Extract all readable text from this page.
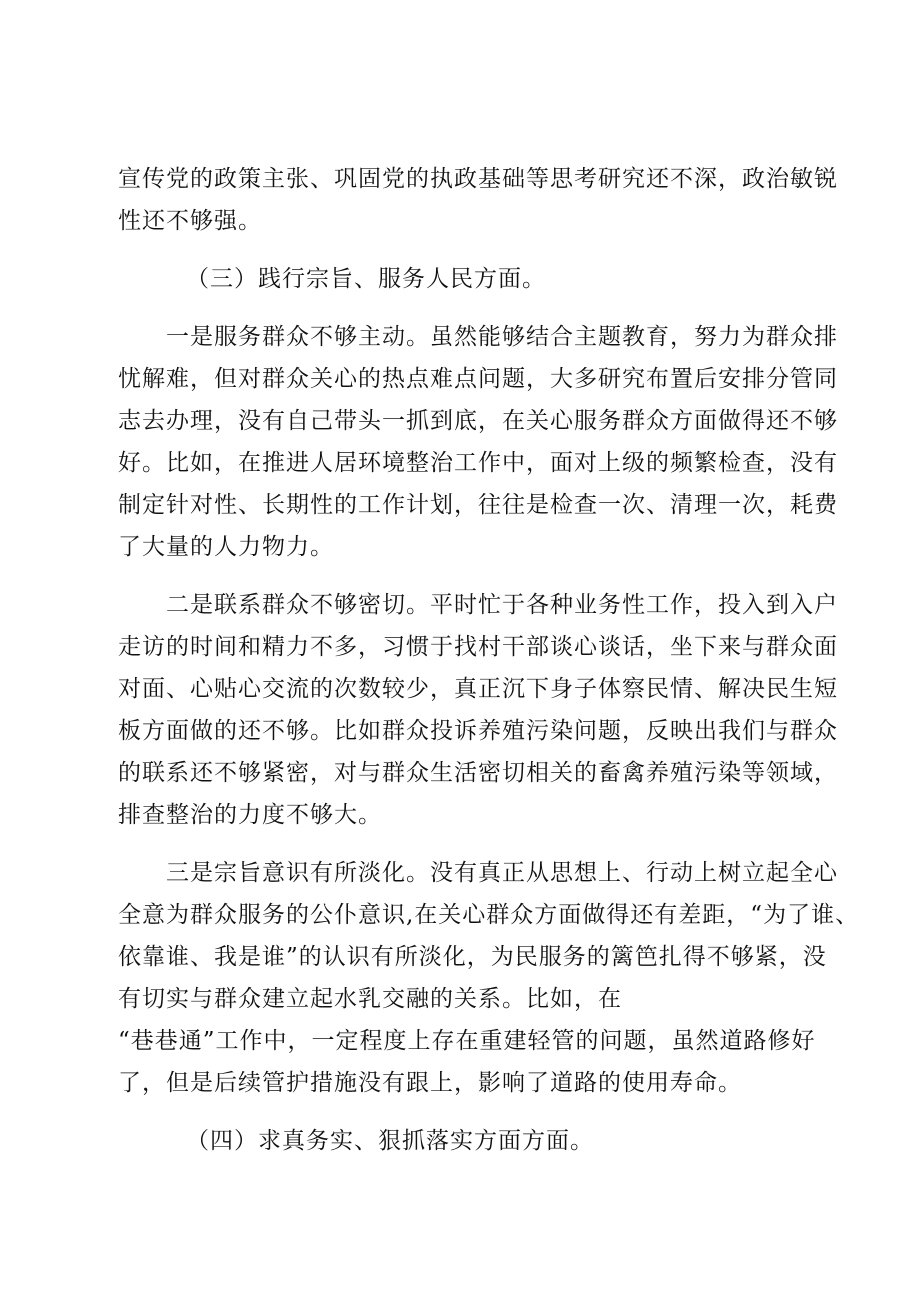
宣传党的政策主张、巩固党的执政基础等思考研究还不深，政治敏锐
性还不够强。
（三）践行宗旨、服务人民方面。
一是服务群众不够主动。虽然能够结合主题教育，努力为群众排
忧解难，但对群众关心的热点难点问题，大多研究布置后安排分管同
志去办理，没有自己带头一抓到底，在关心服务群众方面做得还不够
好。比如，在推进人居环境整治工作中，面对上级的频繁检查，没有
制定针对性、长期性的工作计划，往往是检查一次、清理一次，耗费
了大量的人力物力。
二是联系群众不够密切。平时忙于各种业务性工作，投入到入户
走访的时间和精力不多，习惯于找村干部谈心谈话，坐下来与群众面
对面、心贴心交流的次数较少，真正沉下身子体察民情、解决民生短
板方面做的还不够。比如群众投诉养殖污染问题，反映出我们与群众
的联系还不够紧密，对与群众生活密切相关的畜禽养殖污染等领域，
排查整治的力度不够大。
三是宗旨意识有所淡化。没有真正从思想上、行动上树立起全心
全意为群众服务的公仆意识,在关心群众方面做得还有差距，“为了谁、
依靠谁、我是谁”的认识有所淡化，为民服务的篱笆扎得不够紧，没
有切实与群众建立起水乳交融的关系。比如，在
“巷巷通”工作中，一定程度上存在重建轻管的问题，虽然道路修好
了，但是后续管护措施没有跟上，影响了道路的使用寿命。
（四）求真务实、狠抓落实方面方面。
